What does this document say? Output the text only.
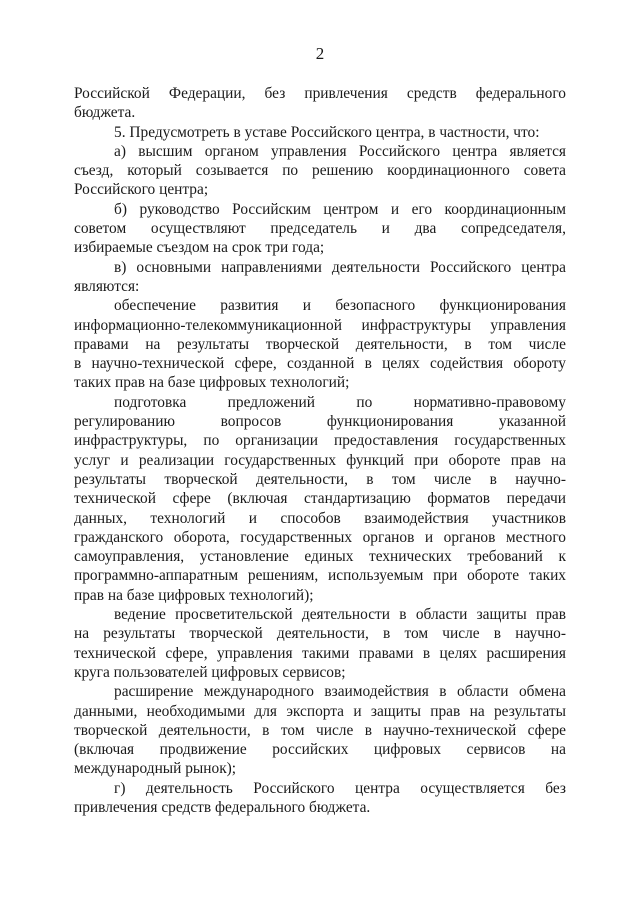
2
Российской Федерации, без привлечения средств федерального
бюджета.
5. Предусмотреть в уставе Российского центра, в частности, что:
а) высшим органом управления Российского центра является
съезд, который созывается по решению координационного совета
Российского центра;
б) руководство Российским центром и его координационным
советом осуществляют председатель и два сопредседателя,
избираемые съездом на срок три года;
в) основными направлениями деятельности Российского центра
являются:
обеспечение развития и безопасного функционирования
информационно-телекоммуникационной инфраструктуры управления
правами на результаты творческой деятельности, в том числе
в научно-технической сфере, созданной в целях содействия обороту
таких прав на базе цифровых технологий;
подготовка предложений по нормативно-правовому
регулированию вопросов функционирования указанной
инфраструктуры, по организации предоставления государственных
услуг и реализации государственных функций при обороте прав на
результаты творческой деятельности, в том числе в научно-
технической сфере (включая стандартизацию форматов передачи
данных, технологий и способов взаимодействия участников
гражданского оборота, государственных органов и органов местного
самоуправления, установление единых технических требований к
программно-аппаратным решениям, используемым при обороте таких
прав на базе цифровых технологий);
ведение просветительской деятельности в области защиты прав
на результаты творческой деятельности, в том числе в научно-
технической сфере, управления такими правами в целях расширения
круга пользователей цифровых сервисов;
расширение международного взаимодействия в области обмена
данными, необходимыми для экспорта и защиты прав на результаты
творческой деятельности, в том числе в научно-технической сфере
(включая продвижение российских цифровых сервисов на
международный рынок);
г) деятельность Российского центра осуществляется без
привлечения средств федерального бюджета.
